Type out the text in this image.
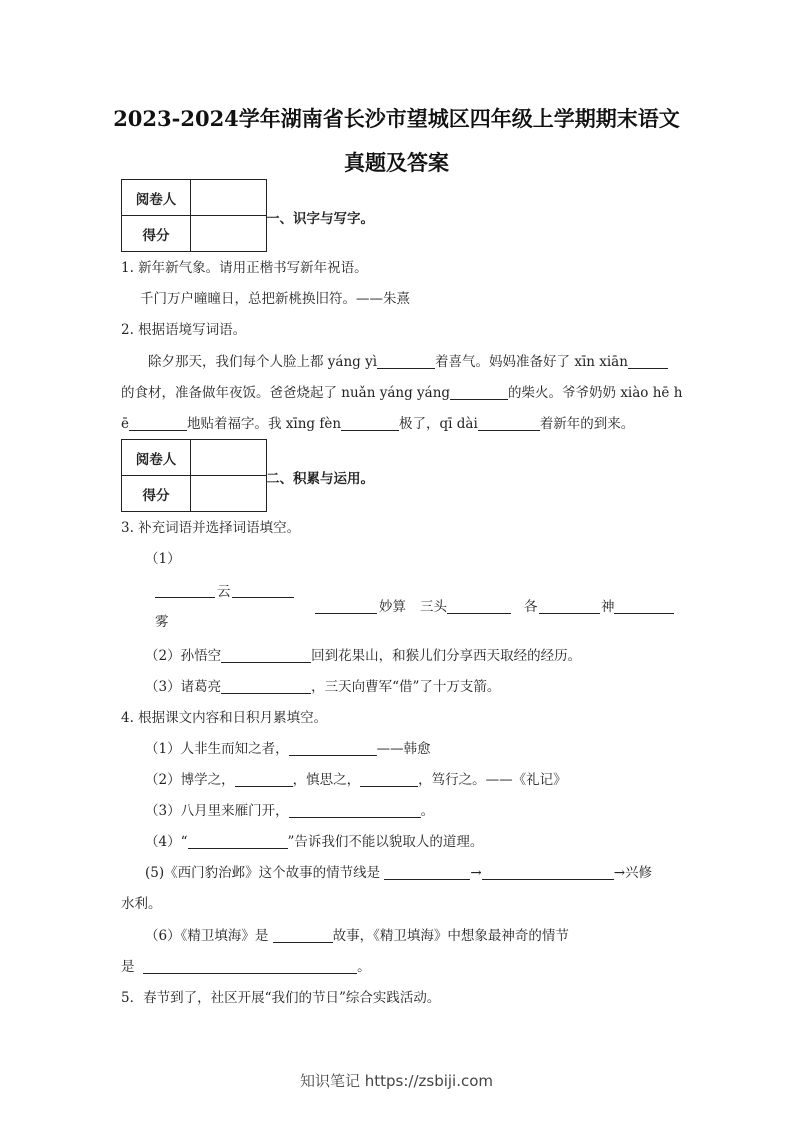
2023-2024学年湖南省长沙市望城区四年级上学期期末语文
真题及答案
阅卷人	
得分	
一、识字与写字。
1. 新年新气象。请用正楷书写新年祝语。
千门万户曈曈日，总把新桃换旧符。——朱熹
2. 根据语境写词语。
除夕那天，我们每个人脸上都 yáng yì	着喜气。妈妈准备好了 xīn xiān
的食材，准备做年夜饭。爸爸烧起了 nuǎn yáng yáng	的柴火。爷爷奶奶 xiào hē h
ē	地贴着福字。我 xīng fèn	极了，qī dài	着新年的到来。
阅卷人	
得分	
二、积累与运用。
3. 补充词语并选择词语填空。
（1）
云
雾
妙算 三头	各	神
（2）孙悟空	回到花果山，和猴儿们分享西天取经的经历。
（3）诸葛亮	，三天向曹军“借”了十万支箭。
4. 根据课文内容和日积月累填空。
（1）人非生而知之者，	——韩愈
（2）博学之，	，慎思之，	，笃行之。——《礼记》
（3）八月里来雁门开，	。
（4）“	”告诉我们不能以貌取人的道理。
(5)《西门豹治邺》这个故事的情节线是	→	→兴修
水利。
（6）《精卫填海》是	故事，《精卫填海》中想象最神奇的情节
是	。
5．春节到了，社区开展“我们的节日”综合实践活动。
知识笔记 https://zsbiji.com
